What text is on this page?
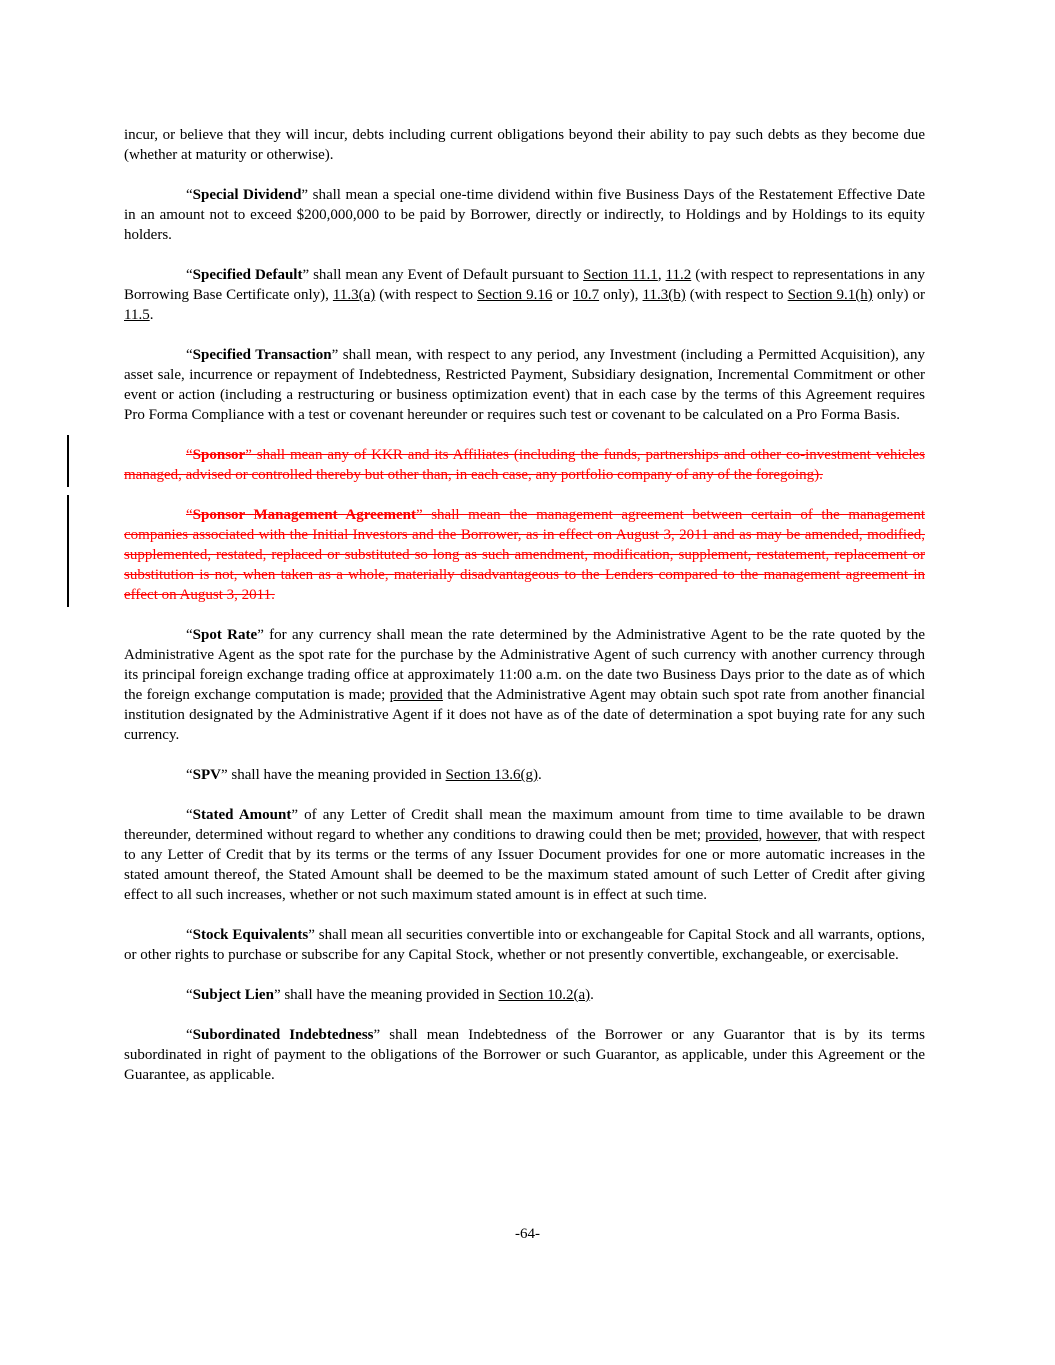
incur, or believe that they will incur, debts including current obligations beyond their ability to pay such debts as they become due (whether at maturity or otherwise).

“Special Dividend” shall mean a special one-time dividend within five Business Days of the Restatement Effective Date in an amount not to exceed $200,000,000 to be paid by Borrower, directly or indirectly, to Holdings and by Holdings to its equity holders.

“Specified Default” shall mean any Event of Default pursuant to Section 11.1, 11.2 (with respect to representations in any Borrowing Base Certificate only), 11.3(a) (with respect to Section 9.16 or 10.7 only), 11.3(b) (with respect to Section 9.1(h) only) or 11.5.

“Specified Transaction” shall mean, with respect to any period, any Investment (including a Permitted Acquisition), any asset sale, incurrence or repayment of Indebtedness, Restricted Payment, Subsidiary designation, Incremental Commitment or other event or action (including a restructuring or business optimization event) that in each case by the terms of this Agreement requires Pro Forma Compliance with a test or covenant hereunder or requires such test or covenant to be calculated on a Pro Forma Basis.

“Sponsor” shall mean any of KKR and its Affiliates (including the funds, partnerships and other co-investment vehicles managed, advised or controlled thereby but other than, in each case, any portfolio company of any of the foregoing).

“Sponsor Management Agreement” shall mean the management agreement between certain of the management companies associated with the Initial Investors and the Borrower, as in effect on August 3, 2011 and as may be amended, modified, supplemented, restated, replaced or substituted so long as such amendment, modification, supplement, restatement, replacement or substitution is not, when taken as a whole, materially disadvantageous to the Lenders compared to the management agreement in effect on August 3, 2011.

“Spot Rate” for any currency shall mean the rate determined by the Administrative Agent to be the rate quoted by the Administrative Agent as the spot rate for the purchase by the Administrative Agent of such currency with another currency through its principal foreign exchange trading office at approximately 11:00 a.m. on the date two Business Days prior to the date as of which the foreign exchange computation is made; provided that the Administrative Agent may obtain such spot rate from another financial institution designated by the Administrative Agent if it does not have as of the date of determination a spot buying rate for any such currency.

“SPV” shall have the meaning provided in Section 13.6(g).

“Stated Amount” of any Letter of Credit shall mean the maximum amount from time to time available to be drawn thereunder, determined without regard to whether any conditions to drawing could then be met; provided, however, that with respect to any Letter of Credit that by its terms or the terms of any Issuer Document provides for one or more automatic increases in the stated amount thereof, the Stated Amount shall be deemed to be the maximum stated amount of such Letter of Credit after giving effect to all such increases, whether or not such maximum stated amount is in effect at such time.

“Stock Equivalents” shall mean all securities convertible into or exchangeable for Capital Stock and all warrants, options, or other rights to purchase or subscribe for any Capital Stock, whether or not presently convertible, exchangeable, or exercisable.

“Subject Lien” shall have the meaning provided in Section 10.2(a).

“Subordinated Indebtedness” shall mean Indebtedness of the Borrower or any Guarantor that is by its terms subordinated in right of payment to the obligations of the Borrower or such Guarantor, as applicable, under this Agreement or the Guarantee, as applicable.

-64-
